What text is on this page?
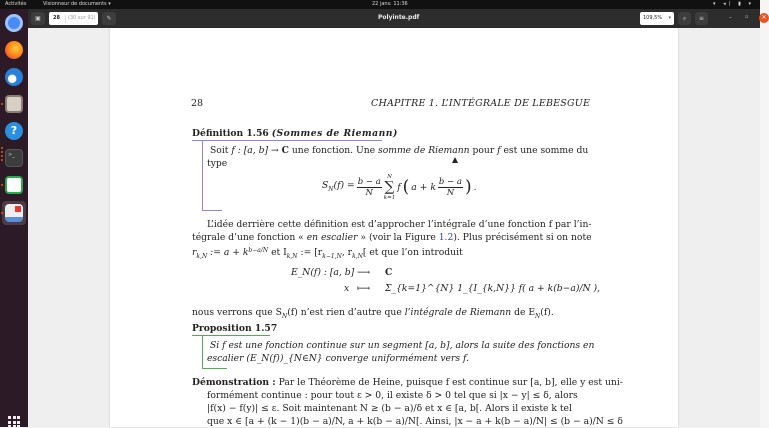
Activités	Visionneur de documents ▾	22 janv. 11:36	▾ ◂) ▮ ▾
?
>_
▣	28	(30 sur 91)	✎	Polyinte.pdf	109,5% ▾	⌕	≡	–	▫	✕
28	CHAPITRE 1. L’INTÉGRALE DE LEBESGUE
Définition 1.56 (Sommes de Riemann)
Soit f : [a, b] → C une fonction. Une somme de Riemann pour f est une somme du
type
$S_N(f) = \frac{b - a}{N}$ N
∑
k=1
f ( a + k b − a
N ) .
L’idée derrière cette définition est d’approcher l’intégrale d’une fonction f par l’in-
tégrale d’une fonction « en escalier » (voir la Figure 1.2). Plus précisément si on note
$r_{k,N}$ := $a + k^{b-a/N}$ et $I_{k,N}$ := [$r_{k-1,N}$, $r_{k,N}$[ et que l’on introduit
E_N(f) : [a, b] ⟶ C
x ⟼ Σ_{k=1}^{N} 1_{I_{k,N}} f( a + k(b−a)/N ),
nous verrons que $S_N(f)$ n’est rien d’autre que l’intégrale de Riemann de $E_N(f)$.
Proposition 1.57
Si f est une fonction continue sur un segment [a, b], alors la suite des fonctions en
escalier (E_N(f))_{N∈N} converge uniformément vers f.
Démonstration : Par le Théorème de Heine, puisque f est continue sur [a, b], elle y est uni-
formément continue : pour tout ε > 0, il existe δ > 0 tel que si |x − y| ≤ δ, alors
|f(x) − f(y)| ≤ ε. Soit maintenant N ≥ (b − a)/δ et x ∈ [a, b[. Alors il existe k tel
que x ∈ [a + (k − 1)(b − a)/N, a + k(b − a)/N[. Ainsi, |x − a + k(b − a)/N| ≤ (b − a)/N ≤ δ
